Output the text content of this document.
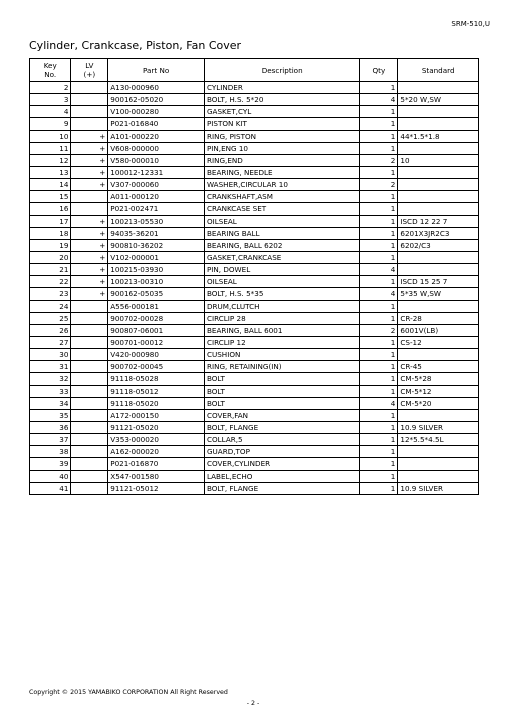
SRM-510,U
Cylinder, Crankcase, Piston, Fan Cover
Key
No.	LV
(+)	Part No	Description	Qty	Standard
2		A130-000960	CYLINDER	1	
3		900162-05020	BOLT, H.S. 5*20	4	5*20 W,SW
4		V100-000280	GASKET,CYL	1	
9		P021-016840	PISTON KIT	1	
10	+	A101-000220	RING, PISTON	1	44*1.5*1.8
11	+	V608-000000	PIN,ENG 10	1	
12	+	V580-000010	RING,END	2	10
13	+	100012-12331	BEARING, NEEDLE	1	
14	+	V307-000060	WASHER,CIRCULAR 10	2	
15		A011-000120	CRANKSHAFT,ASM	1	
16		P021-002471	CRANKCASE SET	1	
17	+	100213-05530	OILSEAL	1	ISCD 12 22 7
18	+	94035-36201	BEARING BALL	1	6201X3JR2C3
19	+	900810-36202	BEARING, BALL 6202	1	6202/C3
20	+	V102-000001	GASKET,CRANKCASE	1	
21	+	100215-03930	PIN, DOWEL	4	
22	+	100213-00310	OILSEAL	1	ISCD 15 25 7
23	+	900162-05035	BOLT, H.S. 5*35	4	5*35 W,SW
24		A556-000181	DRUM,CLUTCH	1	
25		900702-00028	CIRCLIP 28	1	CR-28
26		900807-06001	BEARING, BALL 6001	2	6001V(LB)
27		900701-00012	CIRCLIP 12	1	CS-12
30		V420-000980	CUSHION	1	
31		900702-00045	RING, RETAINING(IN)	1	CR-45
32		91118-05028	BOLT	1	CM-5*28
33		91118-05012	BOLT	1	CM-5*12
34		91118-05020	BOLT	4	CM-5*20
35		A172-000150	COVER,FAN	1	
36		91121-05020	BOLT, FLANGE	1	10.9 SILVER
37		V353-000020	COLLAR,5	1	12*5.5*4.5L
38		A162-000020	GUARD,TOP	1	
39		P021-016870	COVER,CYLINDER	1	
40		X547-001580	LABEL,ECHO	1	
41		91121-05012	BOLT, FLANGE	1	10.9 SILVER
Copyright © 2015 YAMABIKO CORPORATION All Right Reserved
- 2 -
